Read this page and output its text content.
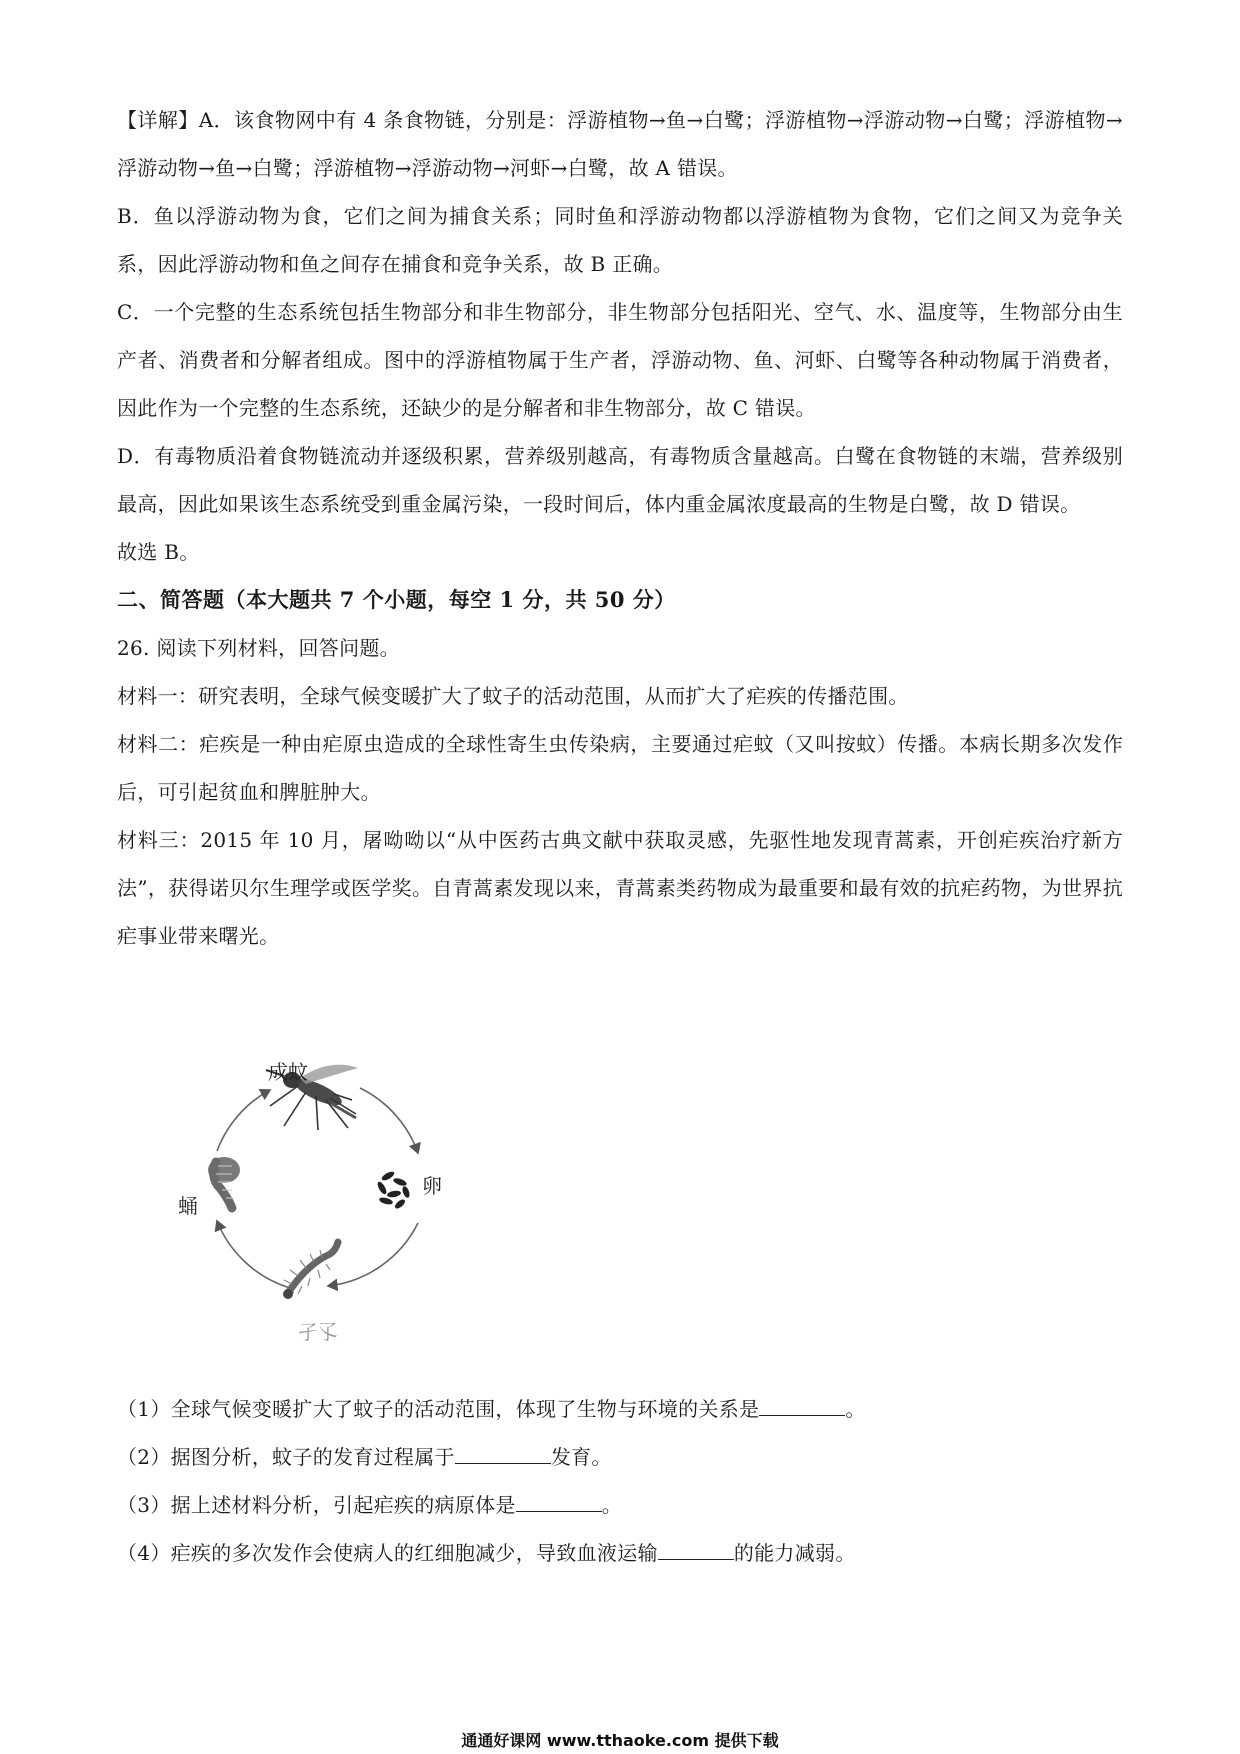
【详解】A．该食物网中有 4 条食物链，分别是：浮游植物→鱼→白鹭；浮游植物→浮游动物→白鹭；浮游植物→浮游动物→鱼→白鹭；浮游植物→浮游动物→河虾→白鹭，故 A 错误。

B．鱼以浮游动物为食，它们之间为捕食关系；同时鱼和浮游动物都以浮游植物为食物，它们之间又为竞争关系，因此浮游动物和鱼之间存在捕食和竞争关系，故 B 正确。

C．一个完整的生态系统包括生物部分和非生物部分，非生物部分包括阳光、空气、水、温度等，生物部分由生产者、消费者和分解者组成。图中的浮游植物属于生产者，浮游动物、鱼、河虾、白鹭等各种动物属于消费者，因此作为一个完整的生态系统，还缺少的是分解者和非生物部分，故 C 错误。

D．有毒物质沿着食物链流动并逐级积累，营养级别越高，有毒物质含量越高。白鹭在食物链的末端，营养级别最高，因此如果该生态系统受到重金属污染，一段时间后，体内重金属浓度最高的生物是白鹭，故 D 错误。

故选 B。

二、简答题（本大题共 7 个小题，每空 1 分，共 50 分）

26. 阅读下列材料，回答问题。

材料一：研究表明，全球气候变暖扩大了蚊子的活动范围，从而扩大了疟疾的传播范围。

材料二：疟疾是一种由疟原虫造成的全球性寄生虫传染病，主要通过疟蚊（又叫按蚊）传播。本病长期多次发作后，可引起贫血和脾脏肿大。

材料三：2015 年 10 月，屠呦呦以“从中医药古典文献中获取灵感，先驱性地发现青蒿素，开创疟疾治疗新方法”，获得诺贝尔生理学或医学奖。自青蒿素发现以来，青蒿素类药物成为最重要和最有效的抗疟药物，为世界抗疟事业带来曙光。

成蚊
卵
蛹
孑孓

（1）全球气候变暖扩大了蚊子的活动范围，体现了生物与环境的关系是	。

（2）据图分析，蚊子的发育过程属于	发育。

（3）据上述材料分析，引起疟疾的病原体是	。

（4）疟疾的多次发作会使病人的红细胞减少，导致血液运输	的能力减弱。

通通好课网 www.tthaoke.com 提供下载
